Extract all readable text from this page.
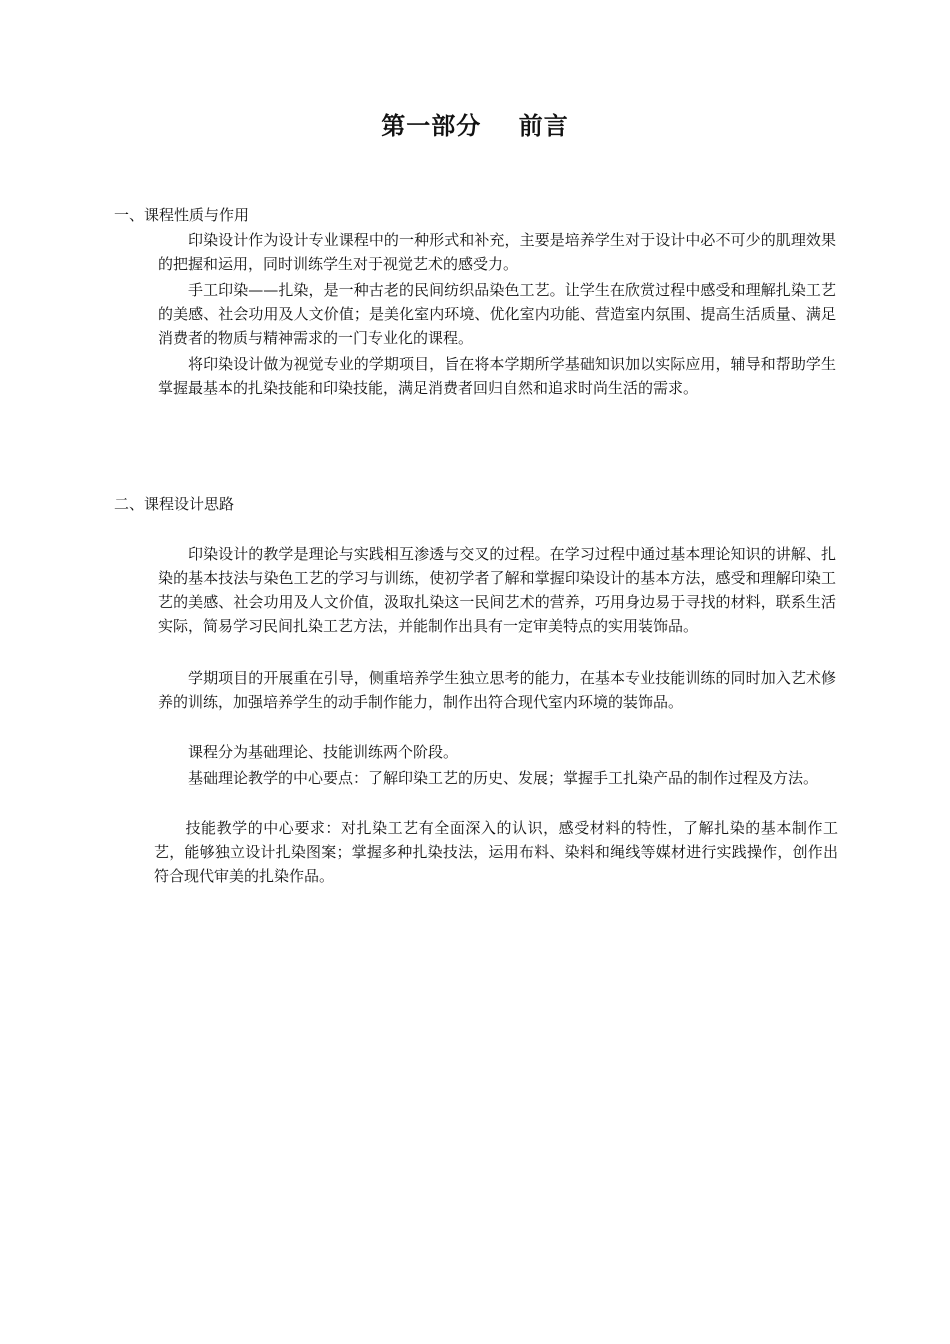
第一部分    前言
一、课程性质与作用

印染设计作为设计专业课程中的一种形式和补充，主要是培养学生对于设计中必不可少的肌理效果的把握和运用，同时训练学生对于视觉艺术的感受力。

手工印染——扎染，是一种古老的民间纺织品染色工艺。让学生在欣赏过程中感受和理解扎染工艺的美感、社会功用及人文价值；是美化室内环境、优化室内功能、营造室内氛围、提高生活质量、满足消费者的物质与精神需求的一门专业化的课程。

将印染设计做为视觉专业的学期项目，旨在将本学期所学基础知识加以实际应用，辅导和帮助学生掌握最基本的扎染技能和印染技能，满足消费者回归自然和追求时尚生活的需求。

二、课程设计思路

印染设计的教学是理论与实践相互渗透与交叉的过程。在学习过程中通过基本理论知识的讲解、扎染的基本技法与染色工艺的学习与训练，使初学者了解和掌握印染设计的基本方法，感受和理解印染工艺的美感、社会功用及人文价值，汲取扎染这一民间艺术的营养，巧用身边易于寻找的材料，联系生活实际，简易学习民间扎染工艺方法，并能制作出具有一定审美特点的实用装饰品。

学期项目的开展重在引导，侧重培养学生独立思考的能力，在基本专业技能训练的同时加入艺术修养的训练，加强培养学生的动手制作能力，制作出符合现代室内环境的装饰品。

课程分为基础理论、技能训练两个阶段。

基础理论教学的中心要点：了解印染工艺的历史、发展；掌握手工扎染产品的制作过程及方法。

技能教学的中心要求：对扎染工艺有全面深入的认识，感受材料的特性，了解扎染的基本制作工艺，能够独立设计扎染图案；掌握多种扎染技法，运用布料、染料和绳线等媒材进行实践操作，创作出符合现代审美的扎染作品。
